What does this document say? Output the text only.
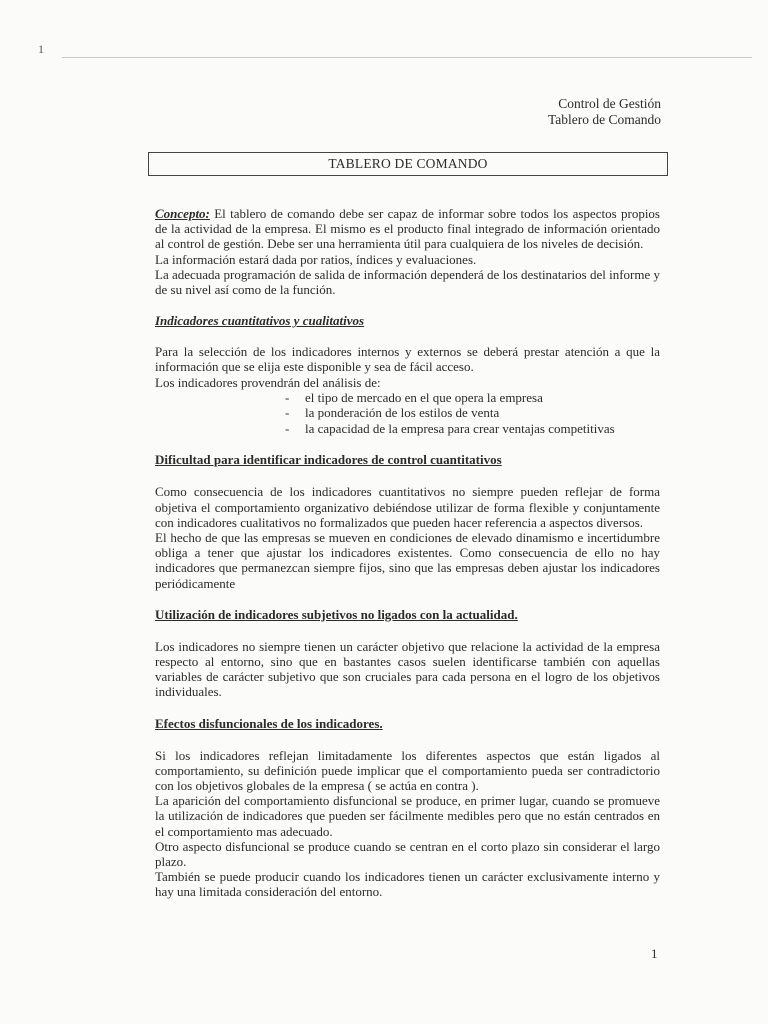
1
Control de Gestión
Tablero de Comando
TABLERO DE COMANDO

Concepto: El tablero de comando debe ser capaz de informar sobre todos los aspectos propios de la actividad de la empresa. El mismo es el producto final integrado de información orientado al control de gestión. Debe ser una herramienta útil para cualquiera de los niveles de decisión.

La información estará dada por ratios, índices y evaluaciones.

La adecuada programación de salida de información dependerá de los destinatarios del informe y de su nivel así como de la función.

Indicadores cuantitativos y cualitativos

Para la selección de los indicadores internos y externos se deberá prestar atención a que la información que se elija este disponible y sea de fácil acceso.

Los indicadores provendrán del análisis de:

- el tipo de mercado en el que opera la empresa
- la ponderación de los estilos de venta
- la capacidad de la empresa para crear ventajas competitivas

Dificultad para identificar indicadores de control cuantitativos

Como consecuencia de los indicadores cuantitativos no siempre pueden reflejar de forma objetiva el comportamiento organizativo debiéndose utilizar de forma flexible y conjuntamente con indicadores cualitativos no formalizados que pueden hacer referencia a aspectos diversos.

El hecho de que las empresas se mueven en condiciones de elevado dinamismo e incertidumbre obliga a tener que ajustar los indicadores existentes. Como consecuencia de ello no hay indicadores que permanezcan siempre fijos, sino que las empresas deben ajustar los indicadores periódicamente

Utilización de indicadores subjetivos no ligados con la actualidad.

Los indicadores no siempre tienen un carácter objetivo que relacione la actividad de la empresa respecto al entorno, sino que en bastantes casos suelen identificarse también con aquellas variables de carácter subjetivo que son cruciales para cada persona en el logro de los objetivos individuales.

Efectos disfuncionales de los indicadores.

Si los indicadores reflejan limitadamente los diferentes aspectos que están ligados al comportamiento, su definición puede implicar que el comportamiento pueda ser contradictorio con los objetivos globales de la empresa ( se actúa en contra ).

La aparición del comportamiento disfuncional se produce, en primer lugar, cuando se promueve la utilización de indicadores que pueden ser fácilmente medibles pero que no están centrados en el comportamiento mas adecuado.

Otro aspecto disfuncional se produce cuando se centran en el corto plazo sin considerar el largo plazo.

También se puede producir cuando los indicadores tienen un carácter exclusivamente interno y hay una limitada consideración del entorno.

1
